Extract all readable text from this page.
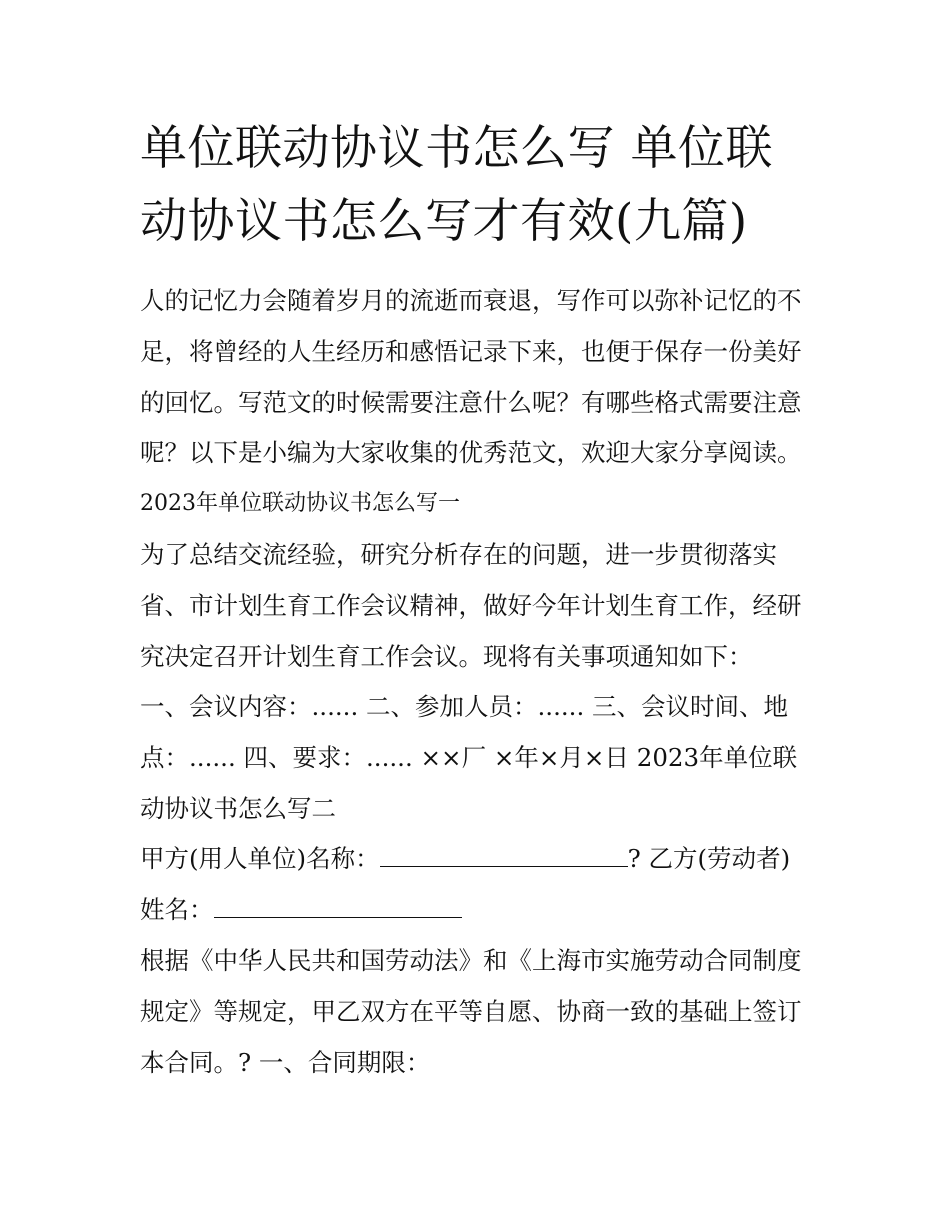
单位联动协议书怎么写 单位联动协议书怎么写才有效(九篇)

人的记忆力会随着岁月的流逝而衰退，写作可以弥补记忆的不足，将曾经的人生经历和感悟记录下来，也便于保存一份美好的回忆。写范文的时候需要注意什么呢？有哪些格式需要注意呢？以下是小编为大家收集的优秀范文，欢迎大家分享阅读。

2023年单位联动协议书怎么写一

为了总结交流经验，研究分析存在的问题，进一步贯彻落实省、市计划生育工作会议精神，做好今年计划生育工作，经研究决定召开计划生育工作会议。现将有关事项通知如下：

一、会议内容：...... 二、参加人员：...... 三、会议时间、地点：...... 四、要求：...... ××厂 ×年×月×日 2023年单位联动协议书怎么写二

甲方(用人单位)名称：	? 乙方(劳动者)
姓名：

根据《中华人民共和国劳动法》和《上海市实施劳动合同制度规定》等规定，甲乙双方在平等自愿、协商一致的基础上签订本合同。? 一、合同期限：
